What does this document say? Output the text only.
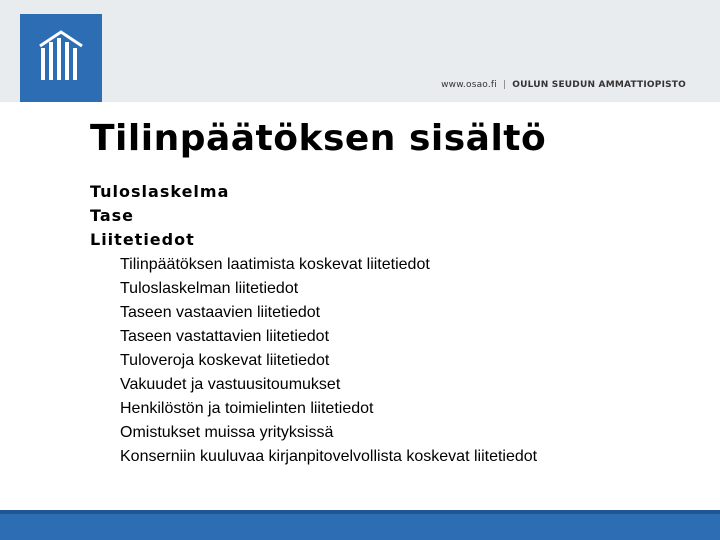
www.osao.fi | OULUN SEUDUN AMMATTIOPISTO
Tilinpäätöksen sisältö
Tuloslaskelma
Tase
Liitetiedot
Tilinpäätöksen laatimista koskevat liitetiedot
Tuloslaskelman liitetiedot
Taseen vastaavien liitetiedot
Taseen vastattavien liitetiedot
Tuloveroja koskevat liitetiedot
Vakuudet ja vastuusitoumukset
Henkilöstön ja toimielinten liitetiedot
Omistukset muissa yrityksissä
Konserniin kuuluvaa kirjanpitovelvollista koskevat liitetiedot
